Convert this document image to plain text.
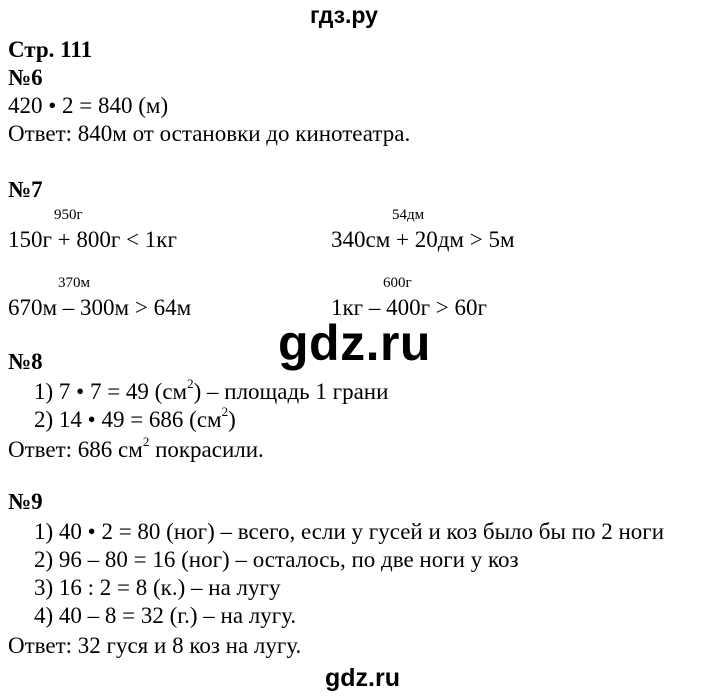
гдз.ру
Стр. 111
№6
420 • 2 = 840 (м)
Ответ: 840м от остановки до кинотеатра.
№7
950г
150г + 800г < 1кг
54дм
340см + 20дм > 5м
370м
670м – 300м > 64м
600г
1кг – 400г > 60г
gdz.ru
№8
1) 7 • 7 = 49 $(см^2)$ – площадь 1 грани
2) 14 • 49 = 686 $(см^2)$
Ответ: 686 $см^2$ покрасили.
№9
1) 40 • 2 = 80 (ног) – всего, если у гусей и коз было бы по 2 ноги
2) 96 – 80 = 16 (ног) – осталось, по две ноги у коз
3) 16 : 2 = 8 (к.) – на лугу
4) 40 – 8 = 32 (г.) – на лугу.
Ответ: 32 гуся и 8 коз на лугу.
gdz.ru
